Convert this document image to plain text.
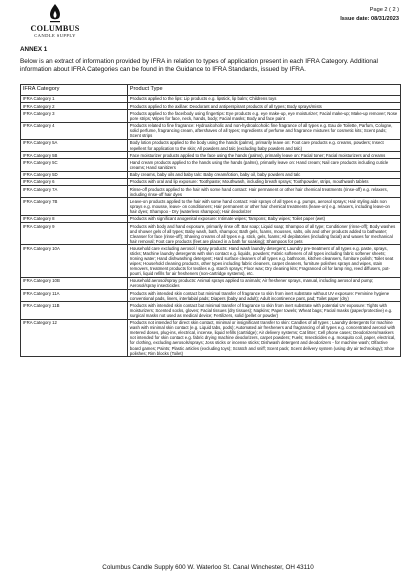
COLUMBUS
CANDLE SUPPLY
Page 2 ( 2 )
Issue date: 08/31/2023
ANNEX 1
Below is an extract of information provided by IFRA in relation to types of application present in each IFRA Category. Additional information about IFRA Categories can be found in the Guidance to IFRA Standards, issued by IFRA.
IFRA Category	Product Type
IFRA Category 1	Products applied to the lips: Lip products e.g. lipstick, lip balm; Childrens toys
IFRA Category 2	Products applied to the axillae: Deodorant and antiperspirant products of all types; Body sprays/mists
IFRA Category 3	Products applied to the face/body using fingertips: Eye products e.g. eye make-up, eye moisturizer; Facial make-up; Make-up remover; Nose pore strips; Wipes for face, neck, hands, body; Facial masks; Body and face paint
IFRA Category 4	Products related to fine fragrance: Hydroalcoholic and non-hydroalcoholic fine fragrance of all types e.g. Eau de Toilette, Parfum, Cologne, solid perfume, fragrancing cream, aftershaves of all types; Ingredients of perfume and fragrance mixtures for cosmetic kits; Scent pads; Scent strips
IFRA Category 5A	Body lotion products applied to the body using the hands (palms), primarily leave on: Foot care products e.g. creams, powders; Insect repellent for application to the skin; All powders and talc (excluding baby powders and talc)
IFRA Category 5B	Face moisturizer products applied to the face using the hands (palms), primarily leave on: Facial toner; Facial moisturizers and creams
IFRA Category 5C	Hand cream products applied to the hands using the hands (palms), primarily leave on: Hand cream; Nail care products including cuticle creams; Hand sanitizers
IFRA Category 5D	Baby creams, baby oils and baby talc: Baby cream/lotion, baby oil, baby powders and talc
IFRA Category 6	Products with oral and lip exposure: Toothpaste; Mouthwash, including breath sprays; Toothpowder, strips, mouthwash tablets
IFRA Category 7A	Rinse-off products applied to the hair with some hand contact: Hair permanent or other hair chemical treatments (rinse-off) e.g. relaxers, including rinse-off hair dyes
IFRA Category 7B	Leave-on products applied to the hair with some hand contact: Hair sprays of all types e.g. pumps, aerosol sprays; Hair styling aids non sprays e.g. mousse, leave- on conditioners; Hair permanent or other hair chemical treatments (leave-on) e.g. relaxers, including leave-on hair dyes; Shampoo - Dry (waterless shampoo); Hair deodorizer
IFRA Category 8	Products with significant anogenital exposure: Intimate wipes; Tampons; Baby wipes; Toilet paper (wet)
IFRA Category 9	Products with body and hand exposure, primarily rinse off: Bar soap; Liquid soap; Shampoo of all type; Conditioner (rinse-off); Body washes and shower gels of all types; Baby wash, bath, shampoo; Bath gels, foams, mousses, salts, oils and other products added to bathwater; Cleanser for face (rinse-off); Shaving creams of all types e.g. stick, gels, foams; All depilatories (including facial) and waxes for mechanical hair removal; Foot care products (feet are placed in a bath for soaking); Shampoos for pets
IFRA Category 10A	Household care excluding aerosol / spray products: Hand wash laundry detergent; Laundry pre-treatment of all types e.g. paste, sprays, sticks; Machine laundry detergents with skin contact e.g. liquids, powders; Fabric softeners of all types including fabric softener sheets; Ironing water; Hand dishwashing detergent; Hard surface cleaners of all types e.g. bathroom, kitchen cleansers, furniture polish; Toilet seat wipes; Household cleaning products, other types including fabric cleaners, carpet cleaners, furniture polishes sprays and wipes, stain removers, treatment products for textiles e.g. starch sprays; Floor wax; Dry cleaning kits; Fragranced oil for lamp ring, reed diffusers, pot-pourri, liquid refills for air fresheners (non-cartridge systems), etc.
IFRA Category 10B	Household aerosol/spray products: Animal sprays applied to animals; Air freshener sprays, manual, including aerosol and pump; Aerosol/spray insecticides
IFRA Category 11A	Products with intended skin contact but minimal transfer of fragrance to skin from inert substrate without UV exposure: Feminine hygiene conventional pads, liners, interlabial pads; Diapers (baby and adult); Adult incontinence pant, pad; Toilet paper (dry)
IFRA Category 11B	Products with intended skin contact but minimal transfer of fragrance to skin from inert substrate with potential UV exposure: Tights with moisturizers; Scented socks, gloves; Facial tissues (dry tissues); Napkins; Paper towels; Wheat bags; Facial masks (paper/protective) e.g. surgical masks not used as medical device; Fertilizers, solid (pellet or powder)
IFRA Category 12	Products not intended for direct skin contact, minimal or insignificant transfer to skin: Candles of all types ; Laundry detergents for machine wash with minimal skin contact (e.g. Liquid tabs, pods); Automated air fresheners and fragrancing of all types e.g. concentrated aerosol with metered doses, plug-ins, electrical, incense, liquid refills (cartridge); Air delivery systems; Cat litter; Cell phone cases; Deodorizers/maskers not intended for skin contact e.g. fabric drying machine deodorizers, carpet powders; Fuels; Insecticides e.g. mosquito coil, paper, electrical, for clothing, excluding aerosols/sprays; Joss sticks or incense sticks; Dishwash detergent and deodorizers - for machine wash; Olfactive board games; Paints; Plastic articles (excluding toys); Scratch and sniff; Scent pack; Scent delivery system (using dry air technology); Shoe polishes; Rim blocks (Toilet)
Columbus Candle Supply 600 W. Waterloo St. Canal Winchester, OH 43110
